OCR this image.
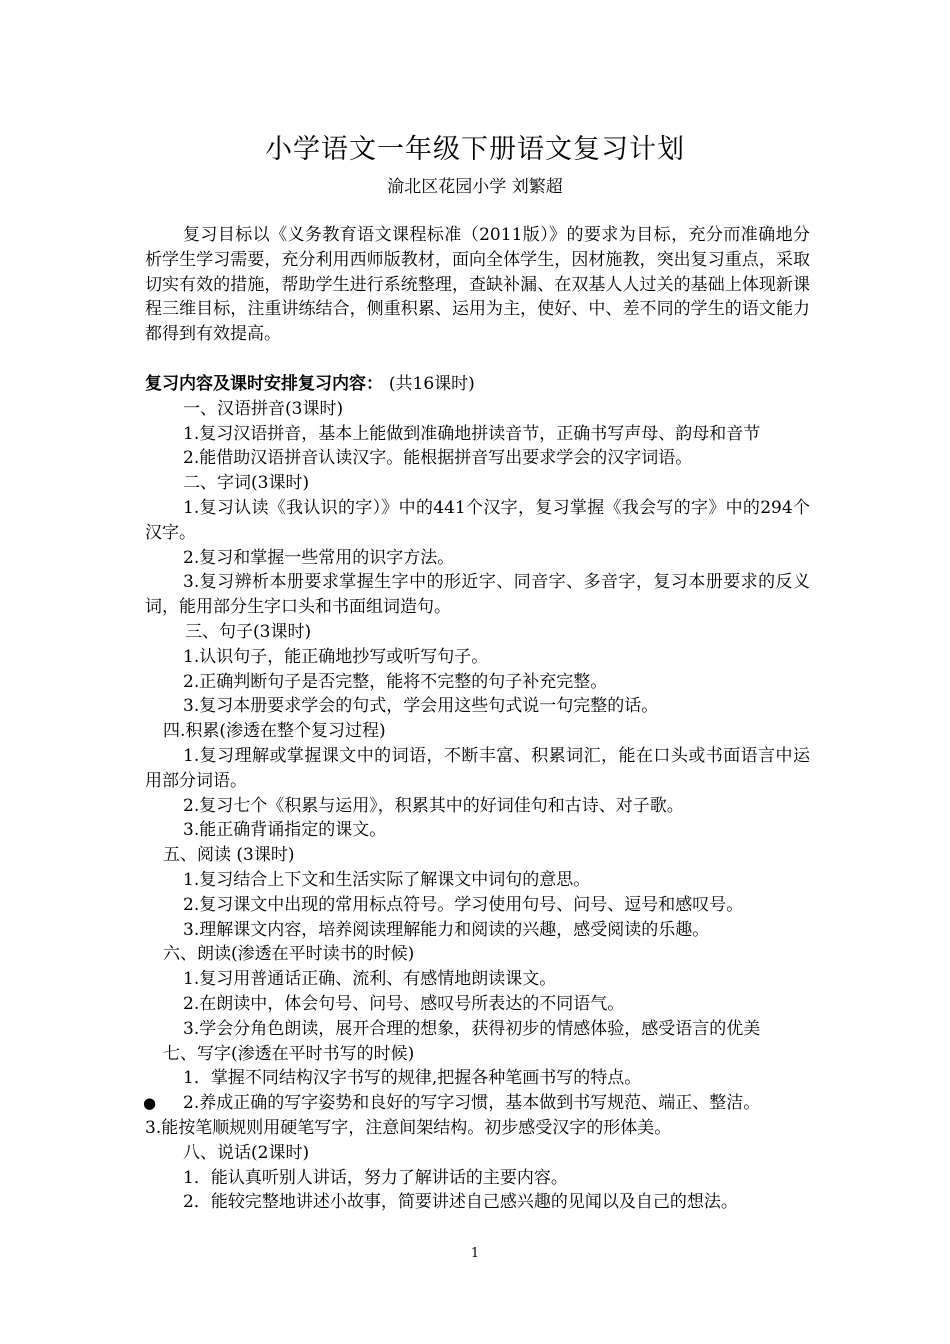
小学语文一年级下册语文复习计划
渝北区花园小学 刘繁超

复习目标以《义务教育语文课程标准（2011版）》的要求为目标，充分而准确地分析学生学习需要，充分利用西师版教材，面向全体学生，因材施教，突出复习重点，采取切实有效的措施，帮助学生进行系统整理，查缺补漏、在双基人人过关的基础上体现新课程三维目标，注重讲练结合，侧重积累、运用为主，使好、中、差不同的学生的语文能力都得到有效提高。

复习内容及课时安排复习内容： (共16课时)
一、汉语拼音(3课时)
1.复习汉语拼音，基本上能做到准确地拼读音节，正确书写声母、韵母和音节
2.能借助汉语拼音认读汉字。能根据拼音写出要求学会的汉字词语。
二、字词(3课时)
1.复习认读《我认识的字）》中的441个汉字，复习掌握《我会写的字》中的294个汉字。
2.复习和掌握一些常用的识字方法。
3.复习辨析本册要求掌握生字中的形近字、同音字、多音字，复习本册要求的反义词，能用部分生字口头和书面组词造句。
三、句子(3课时)
1.认识句子，能正确地抄写或听写句子。
2.正确判断句子是否完整，能将不完整的句子补充完整。
3.复习本册要求学会的句式，学会用这些句式说一句完整的话。
四.积累(渗透在整个复习过程)
1.复习理解或掌握课文中的词语，不断丰富、积累词汇，能在口头或书面语言中运用部分词语。
2.复习七个《积累与运用》，积累其中的好词佳句和古诗、对子歌。
3.能正确背诵指定的课文。
五、阅读 (3课时)
1.复习结合上下文和生活实际了解课文中词句的意思。
2.复习课文中出现的常用标点符号。学习使用句号、问号、逗号和感叹号。
3.理解课文内容，培养阅读理解能力和阅读的兴趣，感受阅读的乐趣。
六、朗读(渗透在平时读书的时候)
1.复习用普通话正确、流利、有感情地朗读课文。
2.在朗读中，体会句号、问号、感叹号所表达的不同语气。
3.学会分角色朗读，展开合理的想象，获得初步的情感体验，感受语言的优美
七、写字(渗透在平时书写的时候)
1．掌握不同结构汉字书写的规律,把握各种笔画书写的特点。
● 2.养成正确的写字姿势和良好的写字习惯，基本做到书写规范、端正、整洁。
3.能按笔顺规则用硬笔写字，注意间架结构。初步感受汉字的形体美。
八、说话(2课时)
1．能认真听别人讲话，努力了解讲话的主要内容。
2．能较完整地讲述小故事，简要讲述自己感兴趣的见闻以及自己的想法。
1
